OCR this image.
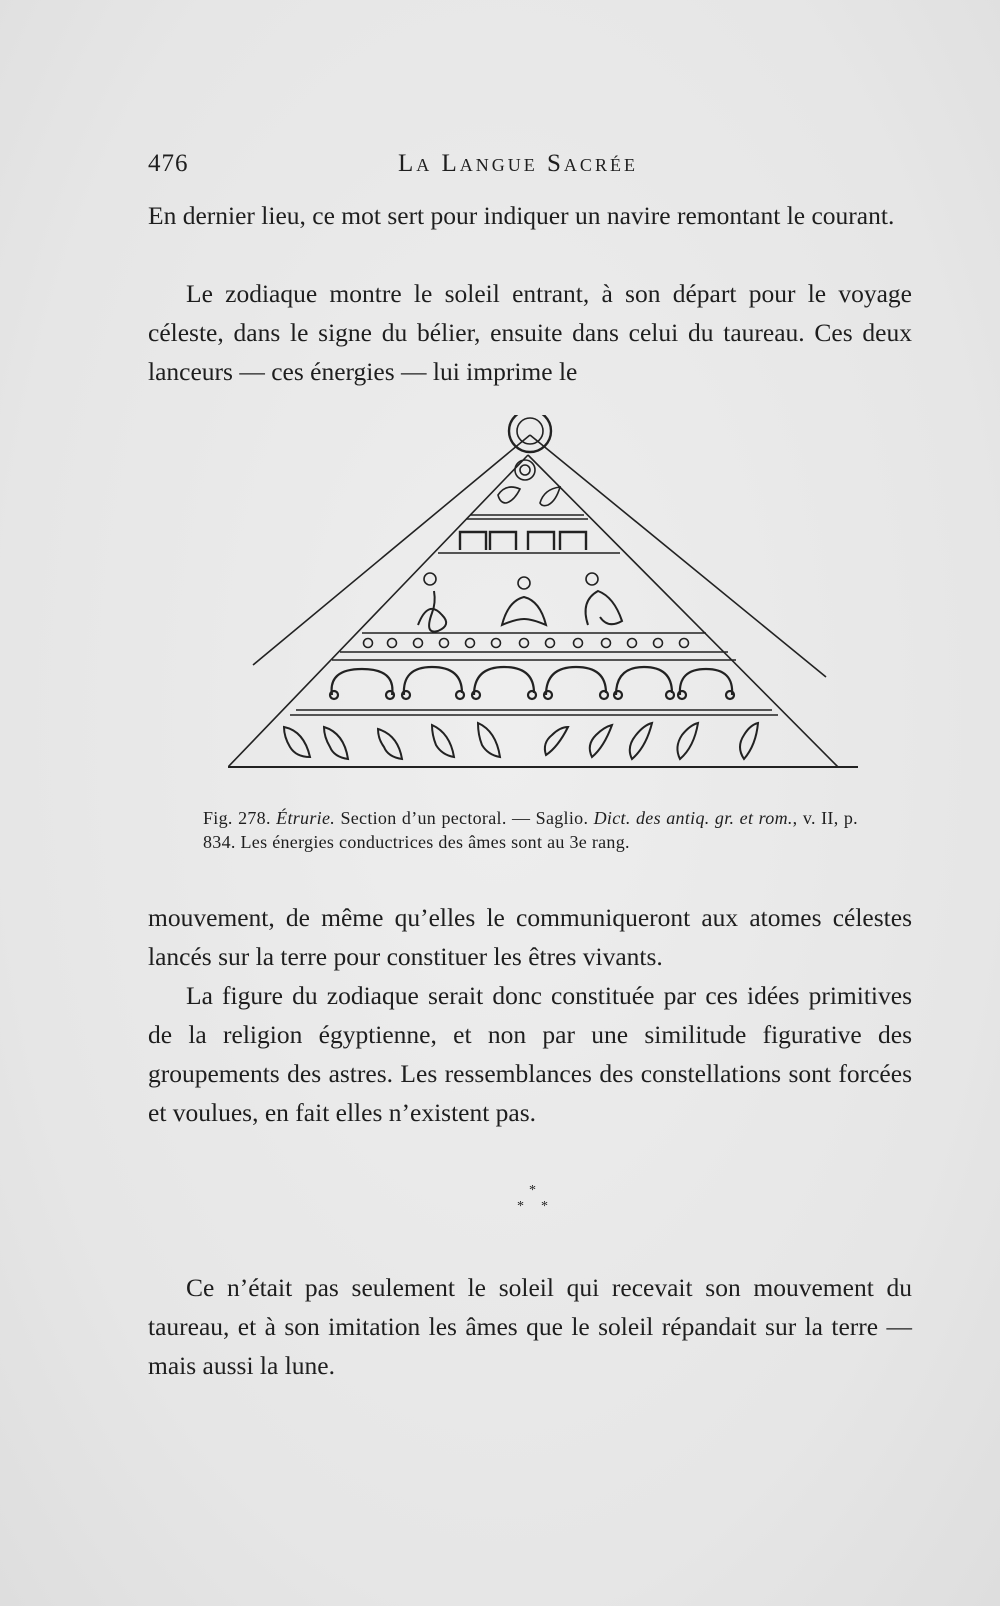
476	La Langue Sacrée

En dernier lieu, ce mot sert pour indiquer un navire remontant le courant.

Le zodiaque montre le soleil entrant, à son départ pour le voyage céleste, dans le signe du bélier, ensuite dans celui du taureau. Ces deux lanceurs — ces énergies — lui imprime le

Fig. 278. Étrurie. Section d’un pectoral. — Saglio. Dict. des antiq. gr. et rom., v. II, p. 834. Les énergies conductrices des âmes sont au 3e rang.

mouvement, de même qu’elles le communiqueront aux atomes célestes lancés sur la terre pour constituer les êtres vivants.

La figure du zodiaque serait donc constituée par ces idées primitives de la religion égyptienne, et non par une similitude figurative des groupements des astres. Les ressemblances des constellations sont forcées et voulues, en fait elles n’existent pas.

*
* *

Ce n’était pas seulement le soleil qui recevait son mouvement du taureau, et à son imitation les âmes que le soleil répandait sur la terre — mais aussi la lune.
